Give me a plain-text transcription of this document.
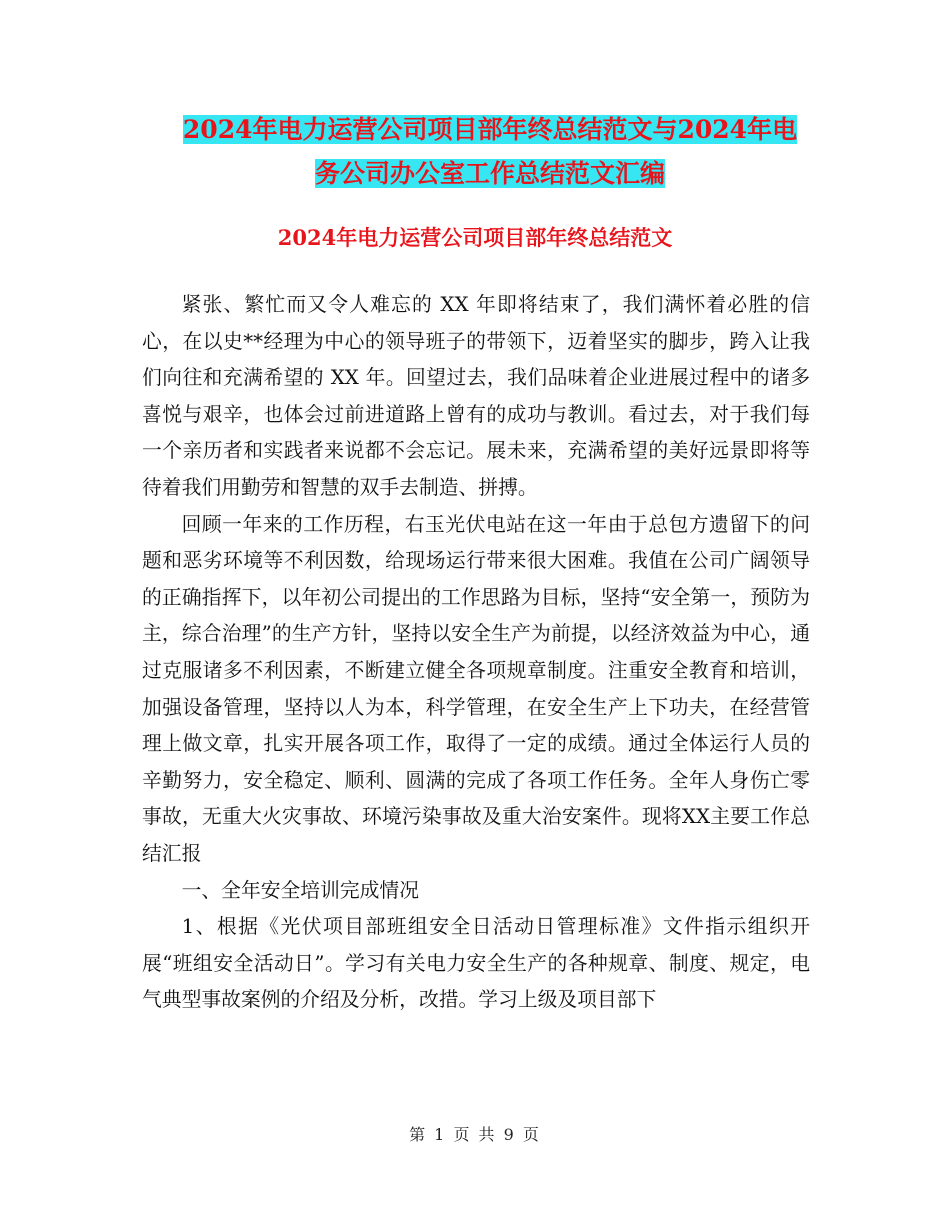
2024年电力运营公司项目部年终总结范文与2024年电
务公司办公室工作总结范文汇编
2024年电力运营公司项目部年终总结范文

紧张、繁忙而又令人难忘的 XX 年即将结束了，我们满怀着必胜的信心，在以史**经理为中心的领导班子的带领下，迈着坚实的脚步，跨入让我们向往和充满希望的 XX 年。回望过去，我们品味着企业进展过程中的诸多喜悦与艰辛，也体会过前进道路上曾有的成功与教训。看过去，对于我们每一个亲历者和实践者来说都不会忘记。展未来，充满希望的美好远景即将等待着我们用勤劳和智慧的双手去制造、拼搏。

回顾一年来的工作历程，右玉光伏电站在这一年由于总包方遗留下的问题和恶劣环境等不利因数，给现场运行带来很大困难。我值在公司广阔领导的正确指挥下，以年初公司提出的工作思路为目标，坚持“安全第一，预防为主，综合治理”的生产方针，坚持以安全生产为前提，以经济效益为中心，通过克服诸多不利因素，不断建立健全各项规章制度。注重安全教育和培训，加强设备管理，坚持以人为本，科学管理，在安全生产上下功夫，在经营管理上做文章，扎实开展各项工作，取得了一定的成绩。通过全体运行人员的辛勤努力，安全稳定、顺利、圆满的完成了各项工作任务。全年人身伤亡零事故，无重大火灾事故、环境污染事故及重大治安案件。现将XX主要工作总结汇报

一、全年安全培训完成情况

1、根据《光伏项目部班组安全日活动日管理标准》文件指示组织开展“班组安全活动日”。学习有关电力安全生产的各种规章、制度、规定，电气典型事故案例的介绍及分析，改措。学习上级及项目部下

第 1 页 共 9 页
